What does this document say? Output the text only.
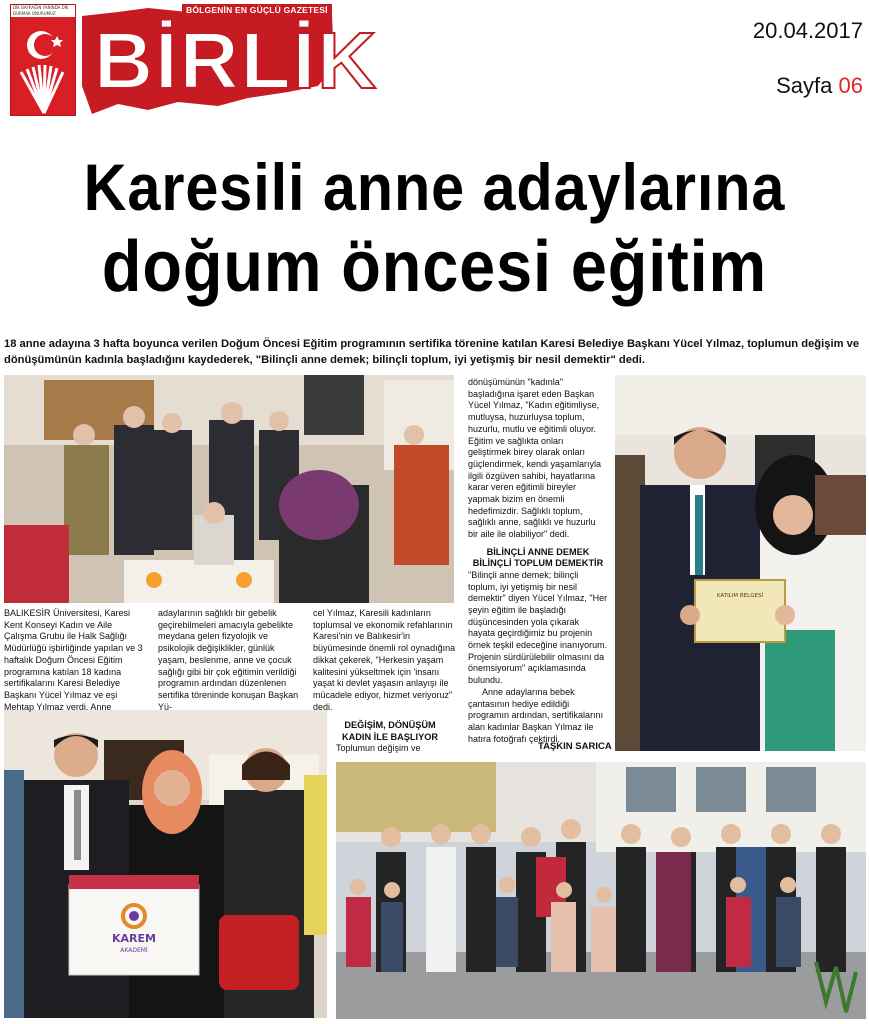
DİK BAYRAĞIN YANINDA DİK DURMAK ONURUMUZ	BÖLGENİN EN GÜÇLÜ GAZETESİ
BİRLİK	20.04.2017
Sayfa 06
Karesili anne adaylarına
doğum öncesi eğitim
18 anne adayına 3 hafta boyunca verilen Doğum Öncesi Eğitim programının sertifika törenine katılan Karesi Belediye Başkanı Yücel Yılmaz, toplumun değişim ve dönüşümünün kadınla başladığını kaydederek, "Bilinçli anne demek; bilinçli toplum, iyi yetişmiş bir nesil demektir" dedi.
KATILIM BELGESİ
KAREM
AKADEMİ
BALIKESİR Üniversitesi, Karesi Kent Konseyi Kadın ve Aile Çalışma Grubu ile Halk Sağlığı Müdürlüğü işbirliğinde yapılan ve 3 haftalık Doğum Öncesi Eğitim programına katılan 18 kadına sertifikalarını Karesi Belediye Başkanı Yücel Yılmaz ve eşi Mehtap Yılmaz verdi. Anne
adaylarının sağlıklı bir gebelik geçirebilmeleri amacıyla gebelikte meydana gelen fizyolojik ve psikolojik değişiklikler, günlük yaşam, beslenme, anne ve çocuk sağlığı gibi bir çok eğitimin verildiği programın ardından düzenlenen sertifika töreninde konuşan Başkan Yü-
cel Yılmaz, Karesili kadınların toplumsal ve ekonomik refahlarının Karesi'nin ve Balıkesir'in büyümesinde önemli rol oynadığına dikkat çekerek, "Herkesin yaşam kalitesini yükseltmek için 'insanı yaşat ki devlet yaşasın anlayışı ile mücadele ediyor, hizmet veriyoruz" dedi.
DEĞİŞİM, DÖNÜŞÜM KADIN İLE BAŞLIYOR
Toplumun değişim ve
dönüşümünün "kadınla" başladığına işaret eden Başkan Yücel Yılmaz, "Kadın eğitimliyse, mutluysa, huzurluysa toplum, huzurlu, mutlu ve eğitimli oluyor. Eğitim ve sağlıkta onları geliştirmek birey olarak onları güçlendirmek, kendi yaşamlarıyla ilgili özgüven sahibi, hayatlarına karar veren eğitimli bireyler yapmak bizim en önemli hedefimizdir. Sağlıklı toplum, sağlıklı anne, sağlıklı ve huzurlu bir aile ile olabiliyor" dedi.
BİLİNÇLİ ANNE DEMEK BİLİNÇLİ TOPLUM DEMEKTİR
"Bilinçli anne demek; bilinçli toplum, iyi yetişmiş bir nesil demektir" diyen Yücel Yılmaz, "Her şeyin eğitim ile başladığı düşüncesinden yola çıkarak hayata geçirdiğimiz bu projenin örnek teşkil edeceğine inanıyorum. Projenin sürdürülebilir olmasını da önemsiyorum" açıklamasında bulundu.
Anne adaylarına bebek çantasının hediye edildiği programın ardından, sertifikalarını alan kadınlar Başkan Yılmaz ile hatıra fotoğrafı çektirdi.
TAŞKIN SARICA
